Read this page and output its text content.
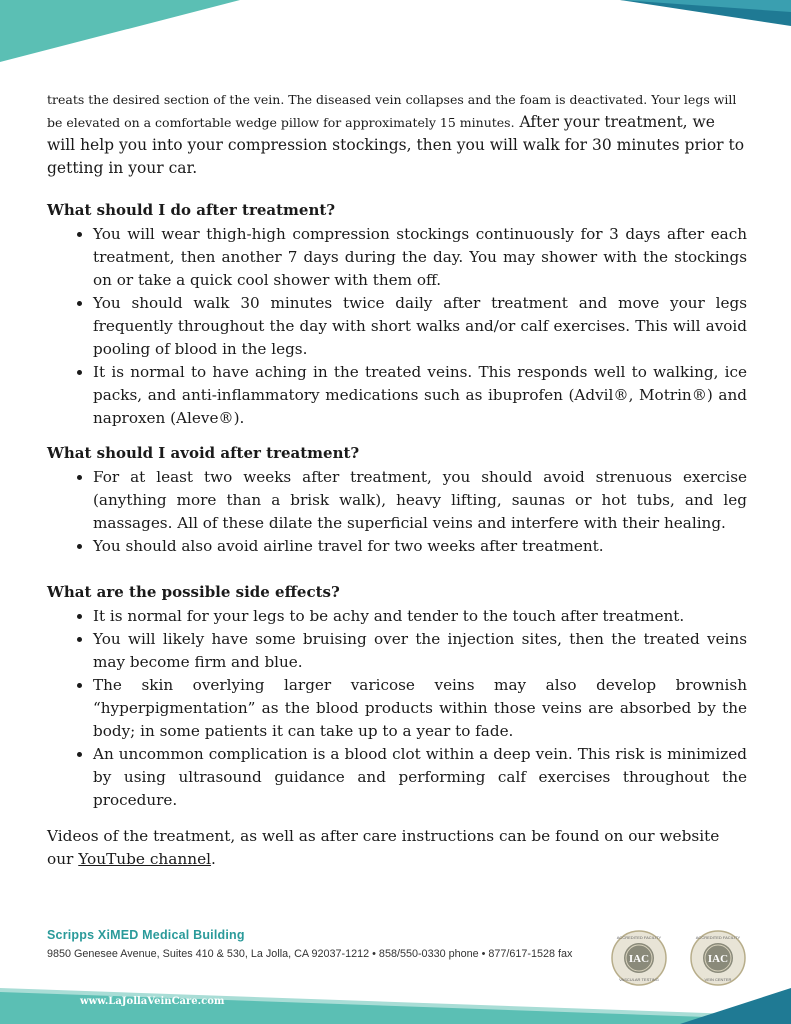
treats the desired section of the vein. The diseased vein collapses and the foam is deactivated. Your legs will be elevated on a comfortable wedge pillow for approximately 15 minutes. After your treatment, we will help you into your compression stockings, then you will walk for 30 minutes prior to getting in your car.

What should I do after treatment?
• You will wear thigh-high compression stockings continuously for 3 days after each treatment, then another 7 days during the day. You may shower with the stockings on or take a quick cool shower with them off.
• You should walk 30 minutes twice daily after treatment and move your legs frequently throughout the day with short walks and/or calf exercises. This will avoid pooling of blood in the legs.
• It is normal to have aching in the treated veins. This responds well to walking, ice packs, and anti-inflammatory medications such as ibuprofen (Advil®, Motrin®) and naproxen (Aleve®).
What should I avoid after treatment?
• For at least two weeks after treatment, you should avoid strenuous exercise (anything more than a brisk walk), heavy lifting, saunas or hot tubs, and leg massages. All of these dilate the superficial veins and interfere with their healing.
• You should also avoid airline travel for two weeks after treatment.
What are the possible side effects?
• It is normal for your legs to be achy and tender to the touch after treatment.
• You will likely have some bruising over the injection sites, then the treated veins may become firm and blue.
• The skin overlying larger varicose veins may also develop brownish “hyperpigmentation” as the blood products within those veins are absorbed by the body; in some patients it can take up to a year to fade.
• An uncommon complication is a blood clot within a deep vein. This risk is minimized by using ultrasound guidance and performing calf exercises throughout the procedure.

Videos of the treatment, as well as after care instructions can be found on our website our YouTube channel.

Scripps XiMED Medical Building
9850 Genesee Avenue, Suites 410 & 530, La Jolla, CA 92037-1212 • 858/550-0330 phone • 877/617-1528 fax	IAC
ACCREDITED FACILITY
VASCULAR TESTING
IAC
ACCREDITED FACILITY
VEIN CENTER
www.LaJollaVeinCare.com
